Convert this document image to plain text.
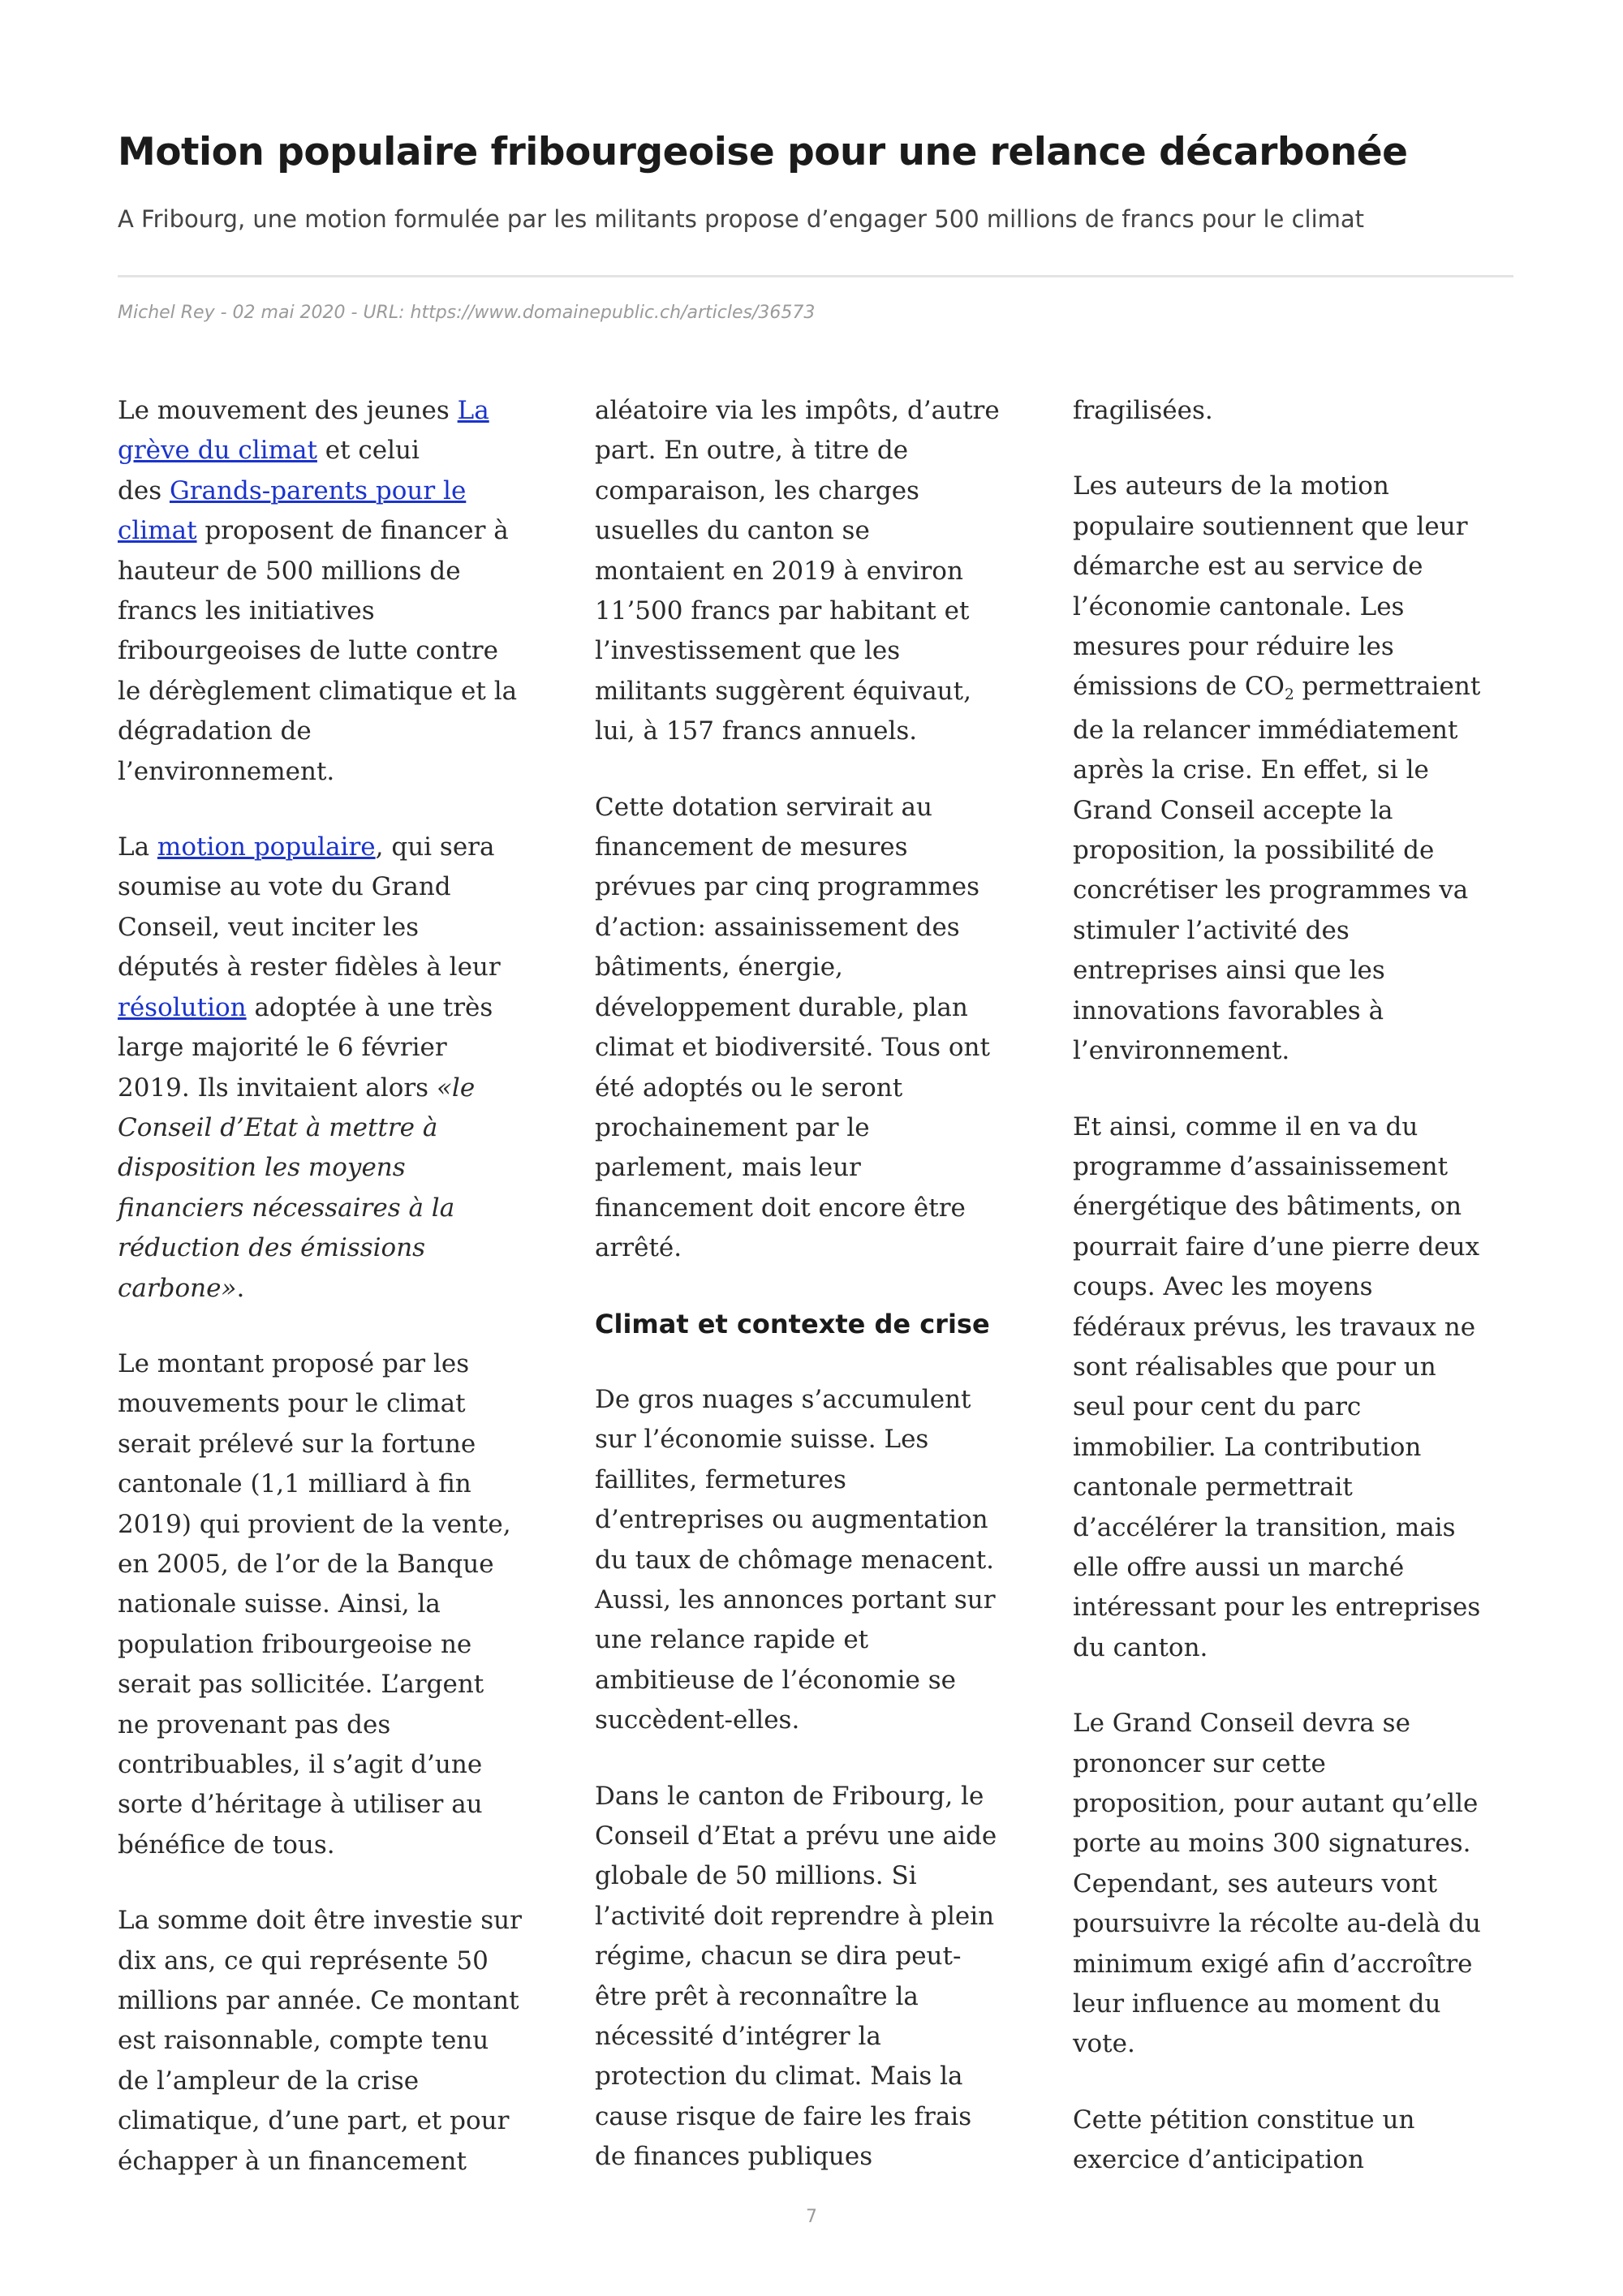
Motion populaire fribourgeoise pour une relance décarbonée

A Fribourg, une motion formulée par les militants propose d’engager 500 millions de francs pour le climat

Michel Rey - 02 mai 2020 - URL: https://www.domainepublic.ch/articles/36573

Le mouvement des jeunes La
grève du climat et celui
des Grands-parents pour le
climat proposent de financer à
hauteur de 500 millions de
francs les initiatives
fribourgeoises de lutte contre
le dérèglement climatique et la
dégradation de
l’environnement.

La motion populaire, qui sera
soumise au vote du Grand
Conseil, veut inciter les
députés à rester fidèles à leur
résolution adoptée à une très
large majorité le 6 février
2019. Ils invitaient alors «le
Conseil d’Etat à mettre à
disposition les moyens
financiers nécessaires à la
réduction des émissions
carbone».

Le montant proposé par les
mouvements pour le climat
serait prélevé sur la fortune
cantonale (1,1 milliard à fin
2019) qui provient de la vente,
en 2005, de l’or de la Banque
nationale suisse. Ainsi, la
population fribourgeoise ne
serait pas sollicitée. L’argent
ne provenant pas des
contribuables, il s’agit d’une
sorte d’héritage à utiliser au
bénéfice de tous.

La somme doit être investie sur
dix ans, ce qui représente 50
millions par année. Ce montant
est raisonnable, compte tenu
de l’ampleur de la crise
climatique, d’une part, et pour
échapper à un financement

aléatoire via les impôts, d’autre
part. En outre, à titre de
comparaison, les charges
usuelles du canton se
montaient en 2019 à environ
11’500 francs par habitant et
l’investissement que les
militants suggèrent équivaut,
lui, à 157 francs annuels.

Cette dotation servirait au
financement de mesures
prévues par cinq programmes
d’action: assainissement des
bâtiments, énergie,
développement durable, plan
climat et biodiversité. Tous ont
été adoptés ou le seront
prochainement par le
parlement, mais leur
financement doit encore être
arrêté.

Climat et contexte de crise

De gros nuages s’accumulent
sur l’économie suisse. Les
faillites, fermetures
d’entreprises ou augmentation
du taux de chômage menacent.
Aussi, les annonces portant sur
une relance rapide et
ambitieuse de l’économie se
succèdent-elles.

Dans le canton de Fribourg, le
Conseil d’Etat a prévu une aide
globale de 50 millions. Si
l’activité doit reprendre à plein
régime, chacun se dira peut-
être prêt à reconnaître la
nécessité d’intégrer la
protection du climat. Mais la
cause risque de faire les frais
de finances publiques

fragilisées.

Les auteurs de la motion
populaire soutiennent que leur
démarche est au service de
l’économie cantonale. Les
mesures pour réduire les
émissions de $CO_2$ permettraient
de la relancer immédiatement
après la crise. En effet, si le
Grand Conseil accepte la
proposition, la possibilité de
concrétiser les programmes va
stimuler l’activité des
entreprises ainsi que les
innovations favorables à
l’environnement.

Et ainsi, comme il en va du
programme d’assainissement
énergétique des bâtiments, on
pourrait faire d’une pierre deux
coups. Avec les moyens
fédéraux prévus, les travaux ne
sont réalisables que pour un
seul pour cent du parc
immobilier. La contribution
cantonale permettrait
d’accélérer la transition, mais
elle offre aussi un marché
intéressant pour les entreprises
du canton.

Le Grand Conseil devra se
prononcer sur cette
proposition, pour autant qu’elle
porte au moins 300 signatures.
Cependant, ses auteurs vont
poursuivre la récolte au-delà du
minimum exigé afin d’accroître
leur influence au moment du
vote.

Cette pétition constitue un
exercice d’anticipation

7
